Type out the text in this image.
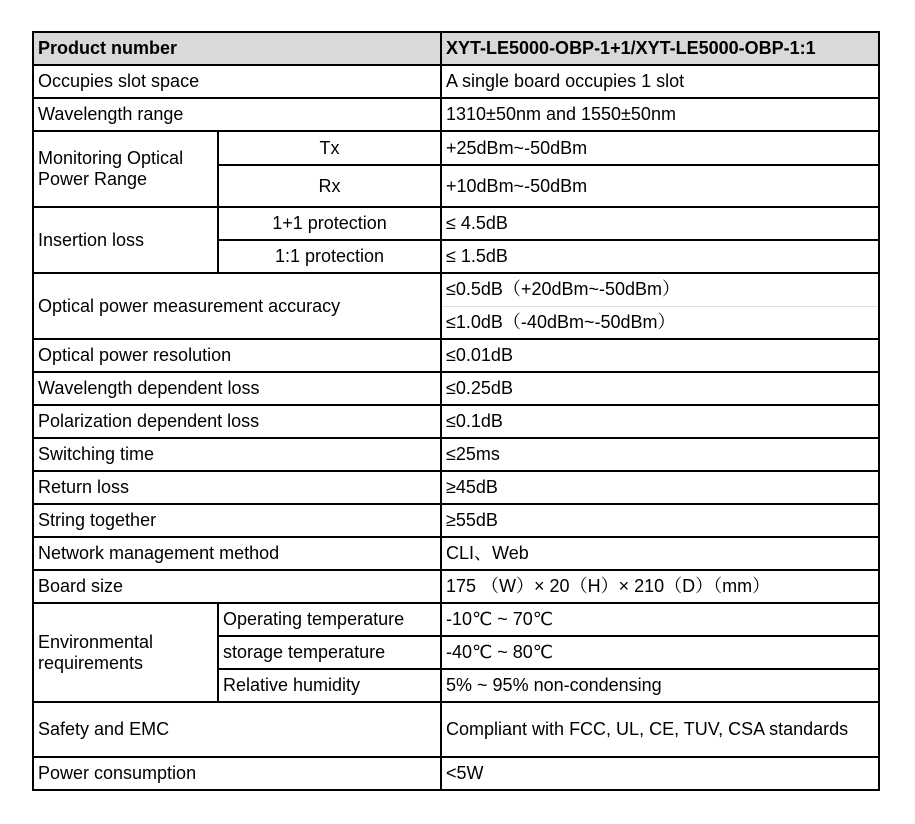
Product number		XYT-LE5000-OBP-1+1/XYT-LE5000-OBP-1:1
Occupies slot space		A single board occupies 1 slot
Wavelength range		1310±50nm and 1550±50nm
Monitoring Optical Power Range	Tx	+25dBm~-50dBm
	Rx	+10dBm~-50dBm
Insertion loss	1+1 protection	≤ 4.5dB
	1:1 protection	≤ 1.5dB
Optical power measurement accuracy		≤0.5dB（+20dBm~-50dBm）
		≤1.0dB（-40dBm~-50dBm）
Optical power resolution		≤0.01dB
Wavelength dependent loss		≤0.25dB
Polarization dependent loss		≤0.1dB
Switching time		≤25ms
Return loss		≥45dB
String together		≥55dB
Network management method		CLI、Web
Board size		175 （W）× 20（H）× 210（D）（mm）
Environmental requirements	Operating temperature	-10℃ ~ 70℃
	storage temperature	-40℃ ~ 80℃
	Relative humidity	5% ~ 95% non-condensing
Safety and EMC		Compliant with FCC, UL, CE, TUV, CSA standards
Power consumption		<5W
